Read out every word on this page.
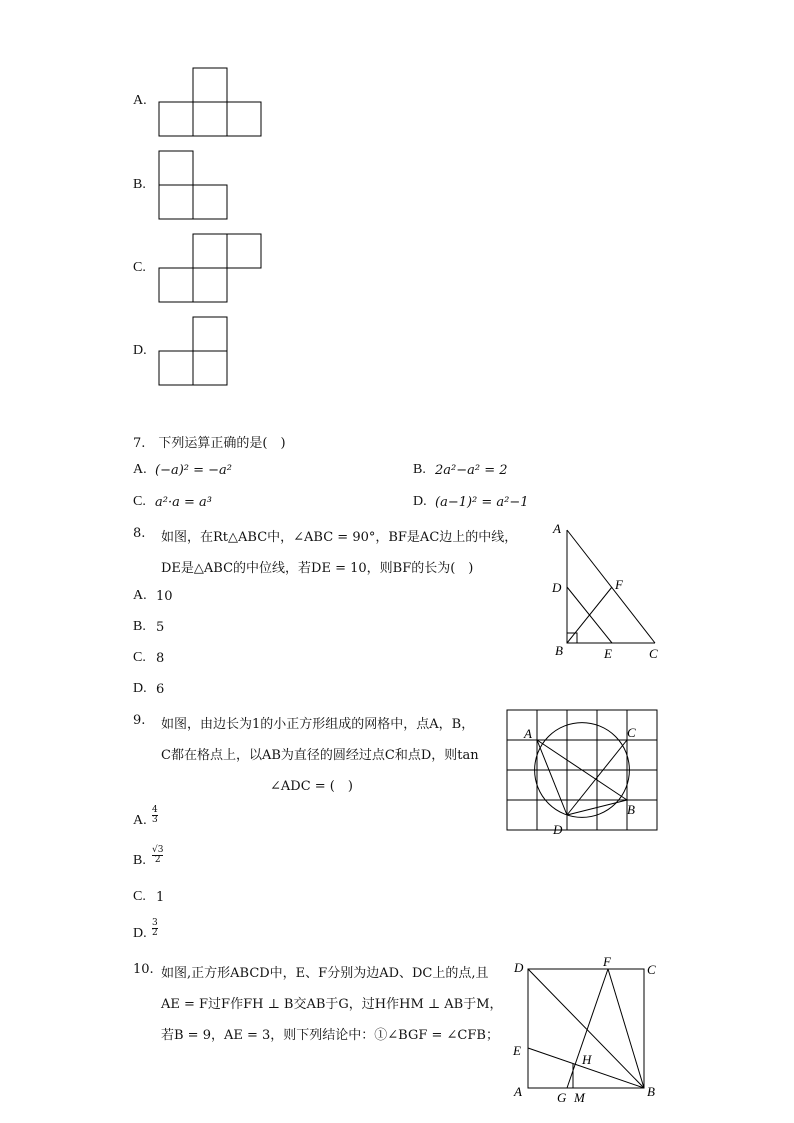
A.
B.
C.
D.
7.　下列运算正确的是(　)
A. (−a)² = −a²	B. 2a²−a² = 2
C. a²·a = a³	D. (a−1)² = a²−1
8. 如图，在Rt△ABC中，∠ABC = 90°，BF是AC边上的中线，
DE是△ABC的中位线，若DE = 10，则BF的长为(　)
A. 10
B. 5
C. 8
D. 6
A
D	F
B	E	C
9. 如图，由边长为1的小正方形组成的网格中，点A，B，
C都在格点上，以AB为直径的圆经过点C和点D，则tan
∠ADC = (　)
A. $\frac{4}{3}$
B. $\frac{√3}{2}$
C. 1
D. $\frac{3}{2}$
A	C
B
D
10. 如图,正方形ABCD中，E、F分别为边AD、DC上的点,且
AE = F过F作FH ⊥ B交AB于G，过H作HM ⊥ AB于M，
若B = 9，AE = 3，则下列结论中：①∠BGF = ∠CFB；
D	F
C
E
H
A	G M	B
